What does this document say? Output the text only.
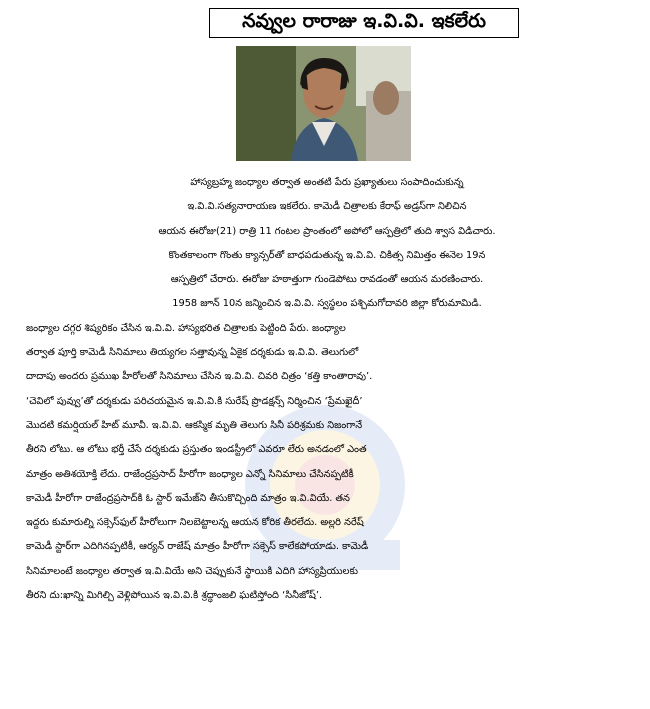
నవ్వుల రారాజు ఇ.వి.వి. ఇకలేరు
హాస్యబ్రహ్మ జంధ్యాల తర్వాత అంతటి పేరు ప్రఖ్యాతులు సంపాదించుకున్న
ఇ.వి.వి.సత్యనారాయణ ఇకలేరు. కామెడీ చిత్రాలకు కేరాఫ్ అడ్రస్‌గా నిలిచిన
ఆయన ఈరోజు(21) రాత్రి 11 గంటల ప్రాంతంలో అపోలో ఆస్పత్రిలో తుది శ్వాస విడిచారు.
కొంతకాలంగా గొంతు క్యాన్సర్‌తో బాధపడుతున్న ఇ.వి.వి. చికిత్స నిమిత్తం ఈనెల 19న
ఆస్పత్రిలో చేరారు. ఈరోజు హఠాత్తుగా గుండెపోటు రావడంతో ఆయన మరణించారు.
1958 జూన్ 10న జన్మించిన ఇ.వి.వి. స్వస్థలం పశ్చిమగోదావరి జిల్లా కోరుమామిడి.
జంధ్యాల దగ్గర శిష్యరికం చేసిన ఇ.వి.వి. హాస్యభరిత చిత్రాలకు పెట్టింది పేరు. జంధ్యాల
తర్వాత పూర్తి కామెడీ సినిమాలు తియ్యగల సత్తావున్న ఏకైక దర్శకుడు ఇ.వి.వి. తెలుగులో
దాదాపు అందరు ప్రముఖ హీరోలతో సినిమాలు చేసిన ఇ.వి.వి. చివరి చిత్రం ‘కత్తి కాంతారావు’.
‘చెవిలో పువ్వు’తో దర్శకుడు పరిచయమైన ఇ.వి.వి.కి సురేష్ ప్రొడక్షన్స్ నిర్మించిన ‘ప్రేమఖైదీ’
మొదటి కమర్షియల్ హిట్ మూవీ. ఇ.వి.వి. ఆకస్మిక మృతి తెలుగు సినీ పరిశ్రమకు నిజంగానే
తీరని లోటు. ఆ లోటు భర్తీ చేసే దర్శకుడు ప్రస్తుతం ఇండస్ట్రీలో ఎవరూ లేరు అనడంలో ఎంత
మాత్రం అతిశయోక్తి లేదు. రాజేంద్రప్రసాద్ హీరోగా జంధ్యాల ఎన్నో సినిమాలు చేసినప్పటికీ
కామెడీ హీరోగా రాజేంద్రప్రసాద్‌కి ఓ స్టార్ ఇమేజ్‌ని తీసుకొచ్చింది మాత్రం ఇ.వి.వియే. తన
ఇద్దరు కుమారుల్ని సక్సెస్‌ఫుల్ హీరోలుగా నిలబెట్టాలన్న ఆయన కోరిక తీరలేదు. అల్లరి నరేష్
కామెడీ స్టార్‌గా ఎదిగినప్పటికీ, ఆర్యన్ రాజేష్ మాత్రం హీరోగా సక్సెస్ కాలేకపోయాడు. కామెడీ
సినిమాలంటే జంధ్యాల తర్వాత ఇ.వి.వియే అని చెప్పుకునే స్థాయికి ఎదిగి హాస్యప్రియులకు
తీరని దు:ఖాన్ని మిగిల్చి వెళ్లిపోయిన ఇ.వి.వి.కి శ్రద్ధాంజలి ఘటిస్తోంది ‘సినీజోష్’.
